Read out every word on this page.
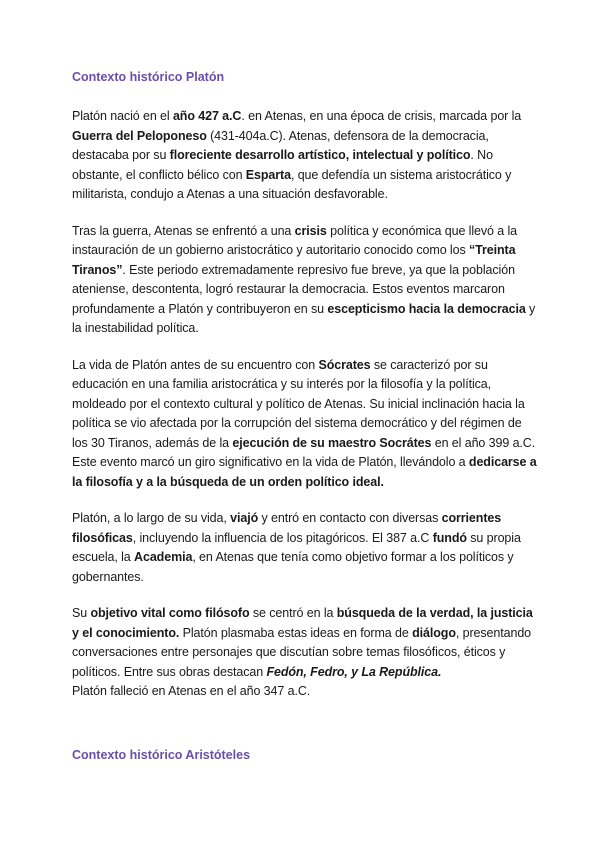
Contexto histórico Platón

Platón nació en el año 427 a.C. en Atenas, en una época de crisis, marcada por la Guerra del Peloponeso (431-404a.C). Atenas, defensora de la democracia, destacaba por su floreciente desarrollo artístico, intelectual y político. No obstante, el conflicto bélico con Esparta, que defendía un sistema aristocrático y militarista, condujo a Atenas a una situación desfavorable.

Tras la guerra, Atenas se enfrentó a una crisis política y económica que llevó a la instauración de un gobierno aristocrático y autoritario conocido como los “Treinta Tiranos”. Este periodo extremadamente represivo fue breve, ya que la población ateniense, descontenta, logró restaurar la democracia. Estos eventos marcaron profundamente a Platón y contribuyeron en su escepticismo hacia la democracia y la inestabilidad política.

La vida de Platón antes de su encuentro con Sócrates se caracterizó por su educación en una familia aristocrática y su interés por la filosofía y la política, moldeado por el contexto cultural y político de Atenas. Su inicial inclinación hacia la política se vio afectada por la corrupción del sistema democrático y del régimen de los 30 Tiranos, además de la ejecución de su maestro Socrátes en el año 399 a.C. Este evento marcó un giro significativo en la vida de Platón, llevándolo a dedicarse a la filosofía y a la búsqueda de un orden político ideal.

Platón, a lo largo de su vida, viajó y entró en contacto con diversas corrientes filosóficas, incluyendo la influencia de los pitagóricos. El 387 a.C fundó su propia escuela, la Academia, en Atenas que tenía como objetivo formar a los políticos y gobernantes.

Su objetivo vital como filósofo se centró en la búsqueda de la verdad, la justicia y el conocimiento. Platón plasmaba estas ideas en forma de diálogo, presentando conversaciones entre personajes que discutían sobre temas filosóficos, éticos y políticos. Entre sus obras destacan Fedón, Fedro, y La República.
Platón falleció en Atenas en el año 347 a.C.

Contexto histórico Aristóteles
